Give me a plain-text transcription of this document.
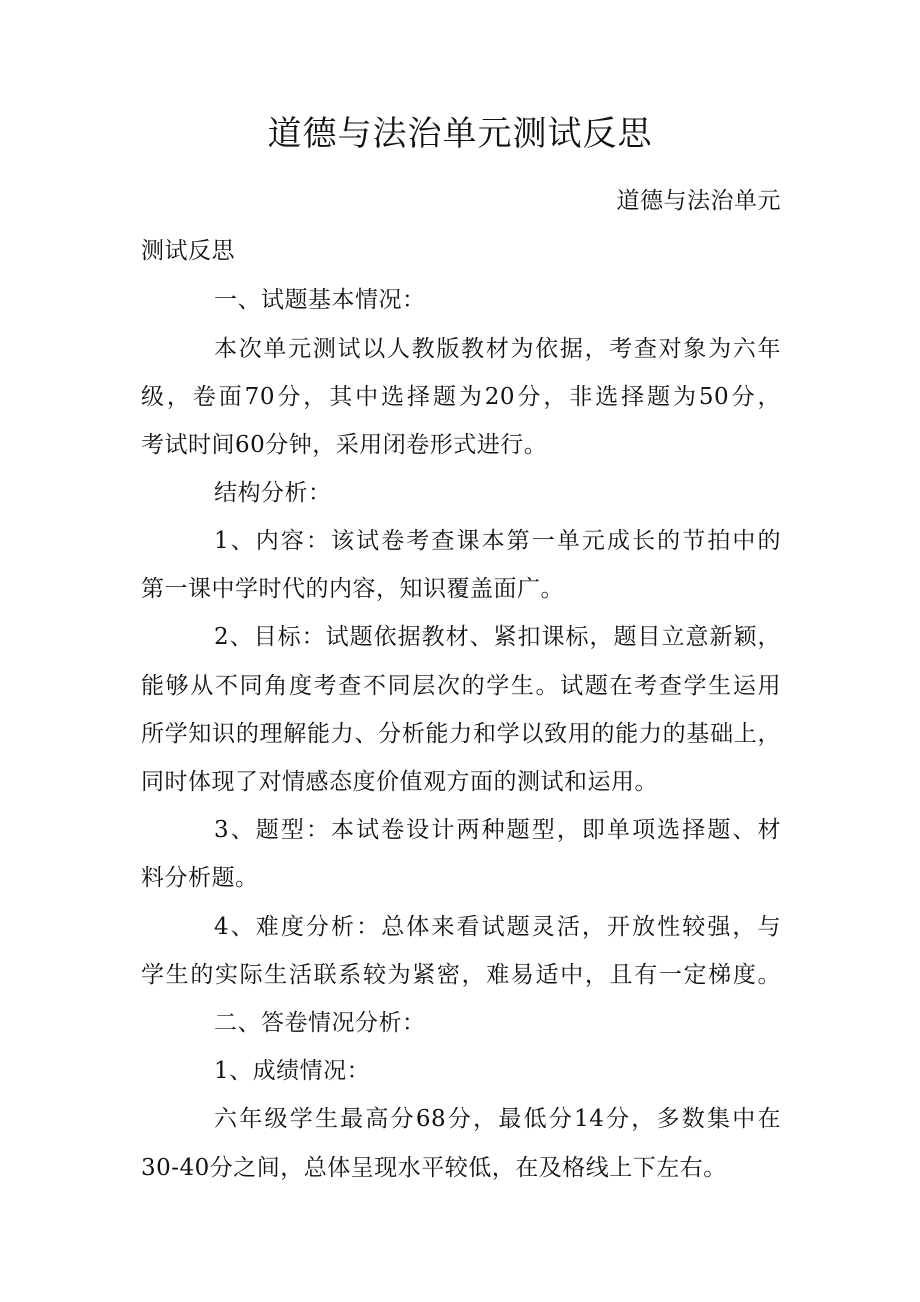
道德与法治单元测试反思
道德与法治单元
测试反思
一、试题基本情况：
本次单元测试以人教版教材为依据，考查对象为六年
级，卷面70分，其中选择题为20分，非选择题为50分，
考试时间60分钟，采用闭卷形式进行。
结构分析：
1、内容：该试卷考查课本第一单元成长的节拍中的
第一课中学时代的内容，知识覆盖面广。
2、目标：试题依据教材、紧扣课标，题目立意新颖，
能够从不同角度考查不同层次的学生。试题在考查学生运用
所学知识的理解能力、分析能力和学以致用的能力的基础上，
同时体现了对情感态度价值观方面的测试和运用。
3、题型：本试卷设计两种题型，即单项选择题、材
料分析题。
4、难度分析：总体来看试题灵活，开放性较强，与
学生的实际生活联系较为紧密，难易适中，且有一定梯度。
二、答卷情况分析：
1、成绩情况：
六年级学生最高分68分，最低分14分，多数集中在
30-40分之间，总体呈现水平较低，在及格线上下左右。
